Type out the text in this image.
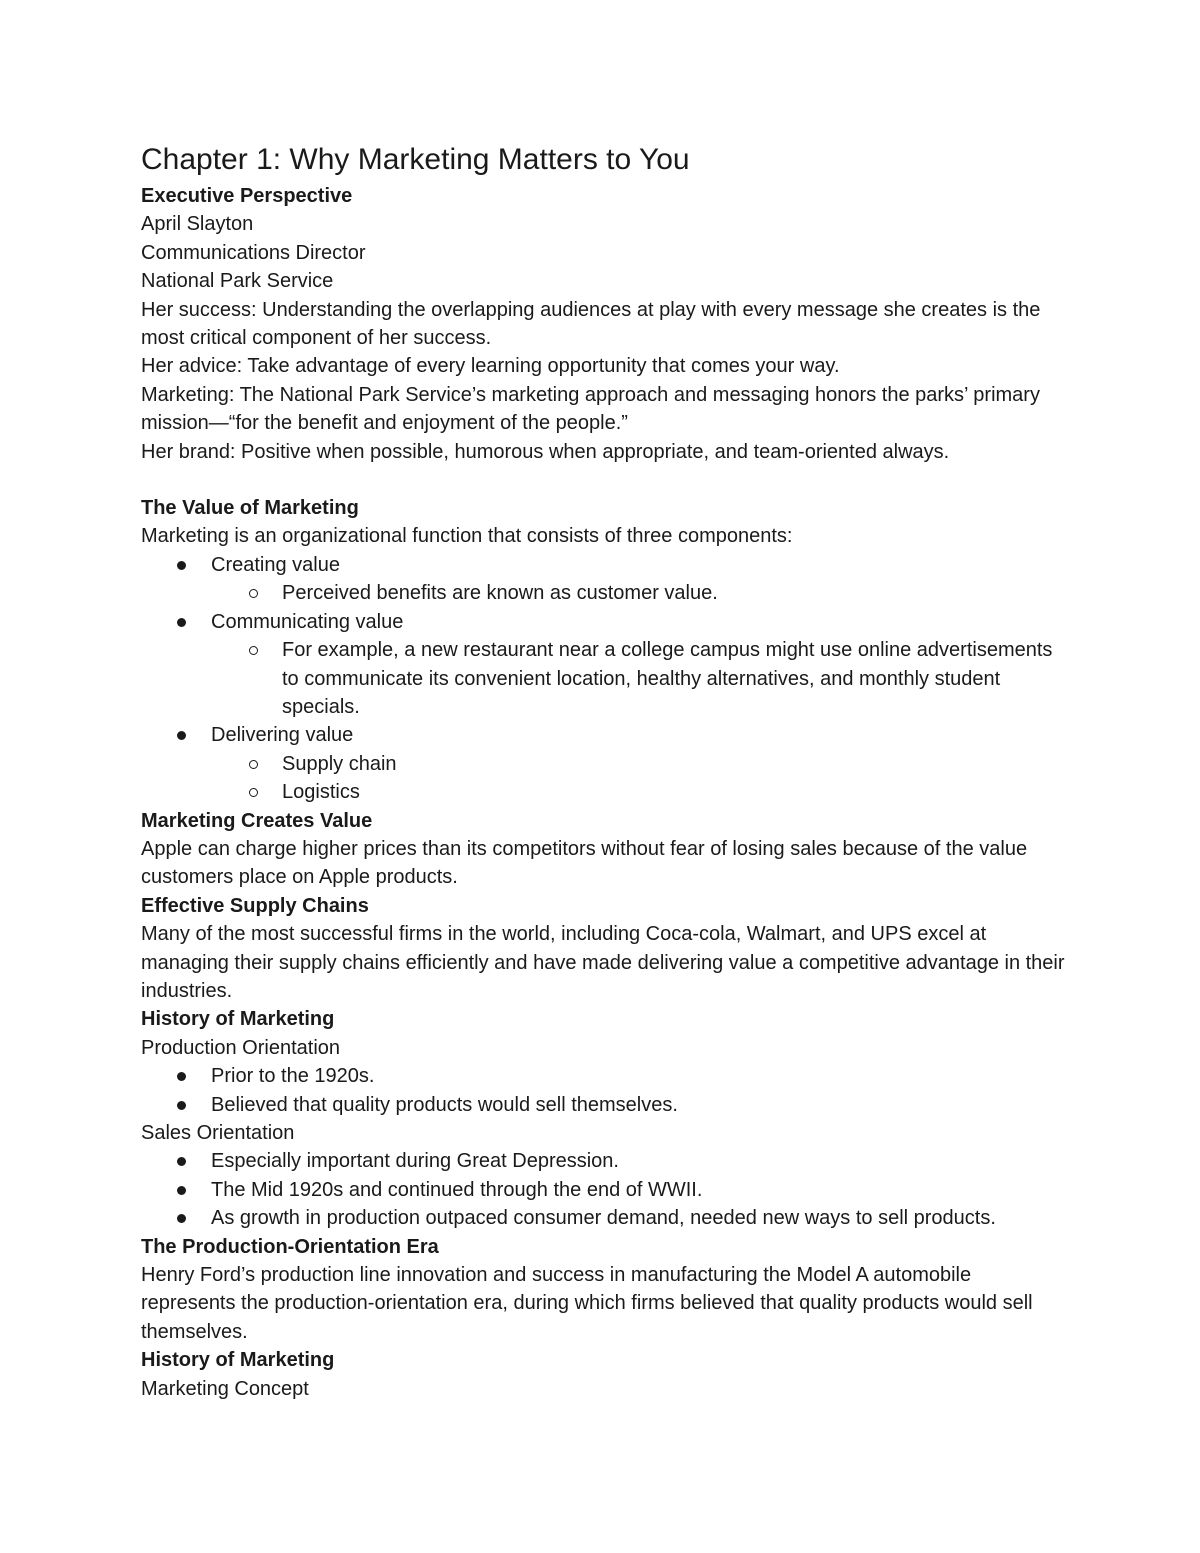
Chapter 1: Why Marketing Matters to You
Executive Perspective
April Slayton
Communications Director
National Park Service
Her success: Understanding the overlapping audiences at play with every message she creates is the most critical component of her success.
Her advice: Take advantage of every learning opportunity that comes your way.
Marketing: The National Park Service’s marketing approach and messaging honors the parks’ primary mission—“for the benefit and enjoyment of the people.”
Her brand: Positive when possible, humorous when appropriate, and team-oriented always.
The Value of Marketing
Marketing is an organizational function that consists of three components:
Creating value
Perceived benefits are known as customer value.
Communicating value
For example, a new restaurant near a college campus might use online advertisements to communicate its convenient location, healthy alternatives, and monthly student specials.
Delivering value
Supply chain
Logistics
Marketing Creates Value
Apple can charge higher prices than its competitors without fear of losing sales because of the value customers place on Apple products.
Effective Supply Chains
Many of the most successful firms in the world, including Coca-cola, Walmart, and UPS excel at managing their supply chains efficiently and have made delivering value a competitive advantage in their industries.
History of Marketing
Production Orientation
Prior to the 1920s.
Believed that quality products would sell themselves.
Sales Orientation
Especially important during Great Depression.
The Mid 1920s and continued through the end of WWII.
As growth in production outpaced consumer demand, needed new ways to sell products.
The Production-Orientation Era
Henry Ford’s production line innovation and success in manufacturing the Model A automobile represents the production-orientation era, during which firms believed that quality products would sell themselves.
History of Marketing
Marketing Concept
